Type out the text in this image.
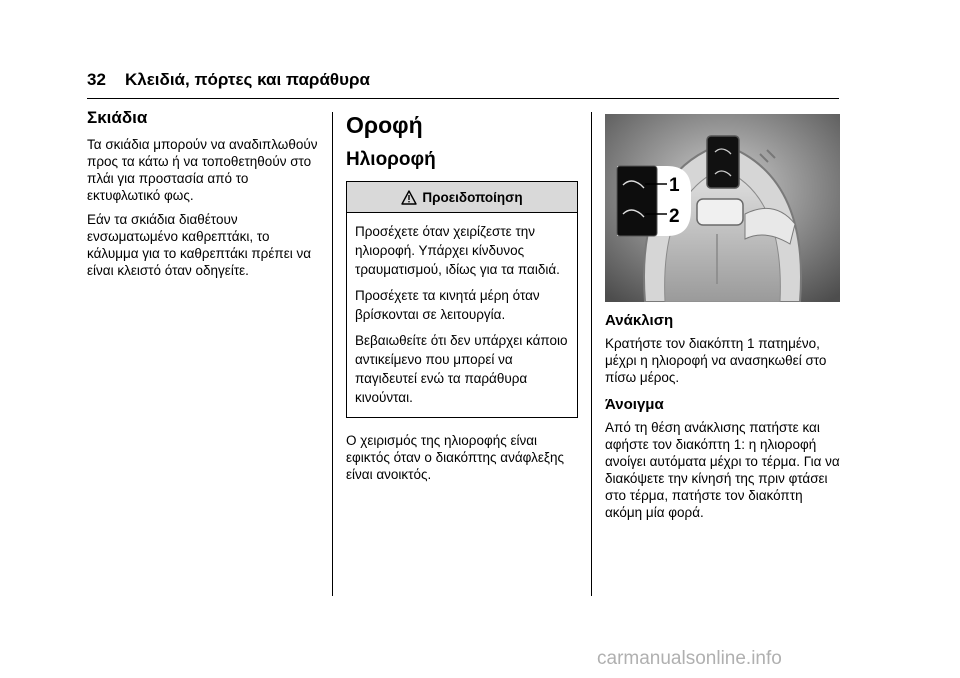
32 Κλειδιά, πόρτες και παράθυρα
Σκιάδια

Τα σκιάδια μπορούν να αναδιπλωθούν προς τα κάτω ή να τοποθετηθούν στο πλάι για προστασία από το εκτυφλωτικό φως.

Εάν τα σκιάδια διαθέτουν ενσωματωμένο καθρεπτάκι, το κάλυμμα για το καθρεπτάκι πρέπει να είναι κλειστό όταν οδηγείτε.

Οροφή
Ηλιοροφή
Προειδοποίηση

Προσέχετε όταν χειρίζεστε την ηλιοροφή. Υπάρχει κίνδυνος τραυματισμού, ιδίως για τα παιδιά.

Προσέχετε τα κινητά μέρη όταν βρίσκονται σε λειτουργία.

Βεβαιωθείτε ότι δεν υπάρχει κάποιο αντικείμενο που μπορεί να παγιδευτεί ενώ τα παράθυρα κινούνται.

Ο χειρισμός της ηλιοροφής είναι εφικτός όταν ο διακόπτης ανάφλεξης είναι ανοικτός.

1
2
Ανάκλιση

Κρατήστε τον διακόπτη 1 πατημένο, μέχρι η ηλιοροφή να ανασηκωθεί στο πίσω μέρος.

Άνοιγμα

Από τη θέση ανάκλισης πατήστε και αφήστε τον διακόπτη 1: η ηλιοροφή ανοίγει αυτόματα μέχρι το τέρμα. Για να διακόψετε την κίνησή της πριν φτάσει στο τέρμα, πατήστε τον διακόπτη ακόμη μία φορά.

carmanualsonline.info
